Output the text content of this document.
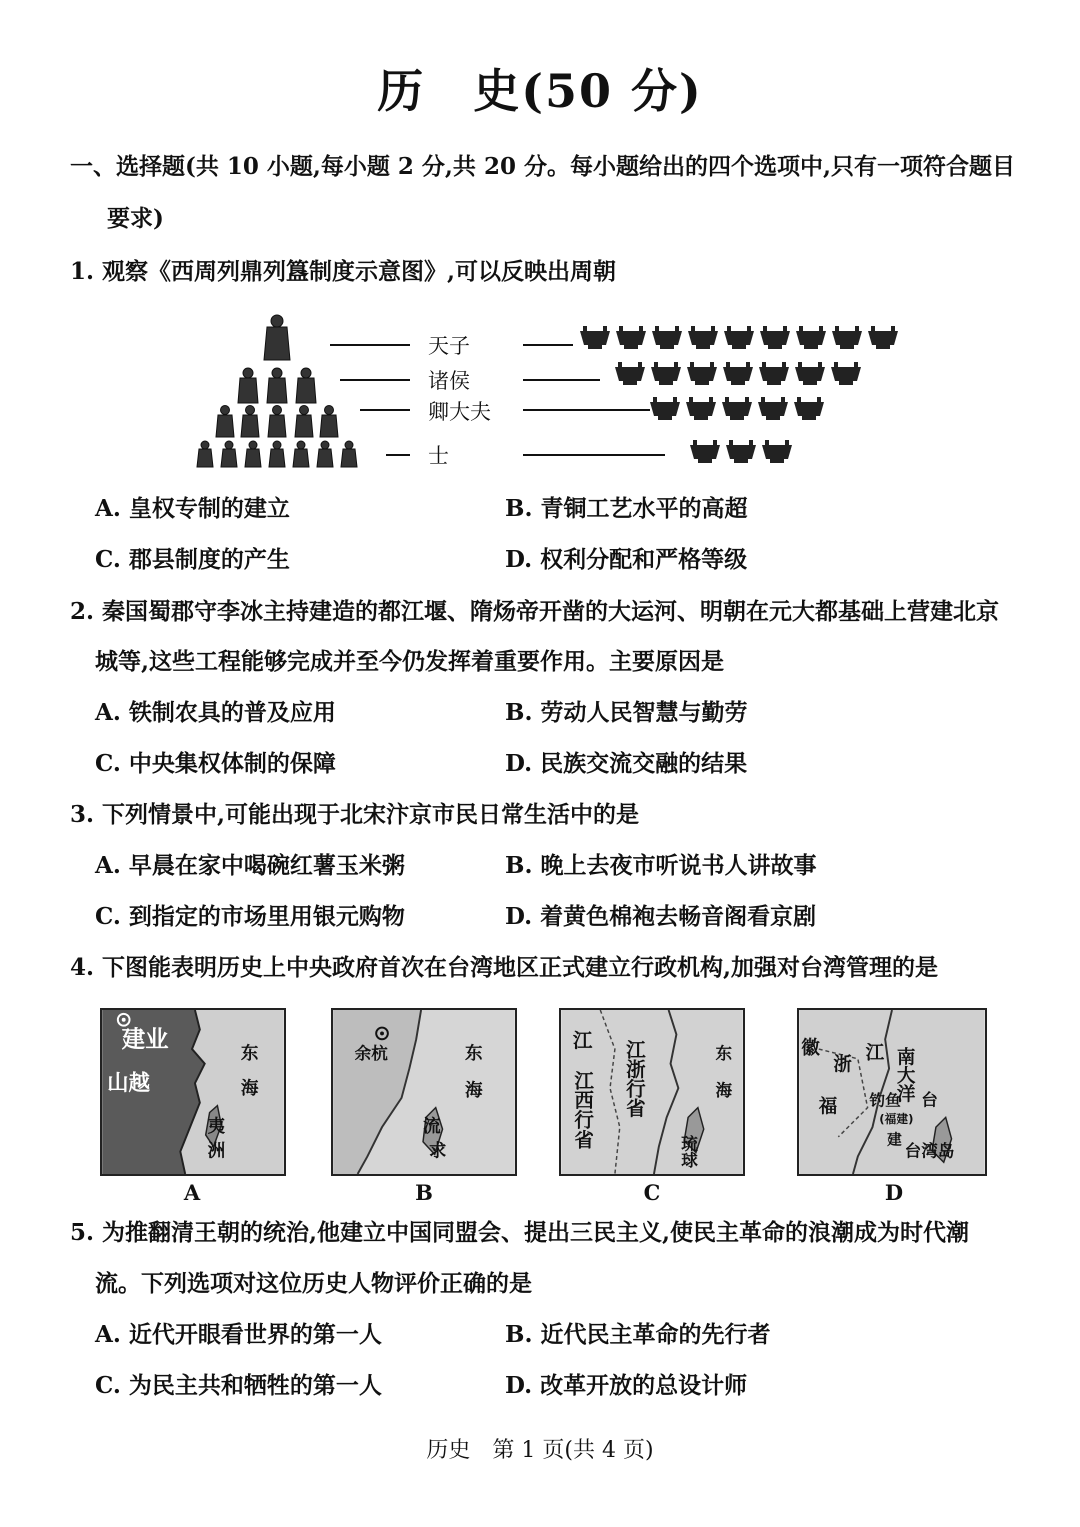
历　史(50 分)
一、选择题(共 10 小题,每小题 2 分,共 20 分。每小题给出的四个选项中,只有一项符合题目
要求)
1. 观察《西周列鼎列簋制度示意图》,可以反映出周朝
天子
诸侯
卿大夫
士
A. 皇权专制的建立	B. 青铜工艺水平的高超
C. 郡县制度的产生	D. 权利分配和严格等级
2. 秦国蜀郡守李冰主持建造的都江堰、隋炀帝开凿的大运河、明朝在元大都基础上营建北京
城等,这些工程能够完成并至今仍发挥着重要作用。主要原因是
A. 铁制农具的普及应用	B. 劳动人民智慧与勤劳
C. 中央集权体制的保障	D. 民族交流交融的结果
3. 下列情景中,可能出现于北宋汴京市民日常生活中的是
A. 早晨在家中喝碗红薯玉米粥	B. 晚上去夜市听说书人讲故事
C. 到指定的市场里用银元购物	D. 着黄色棉袍去畅音阁看京剧
4. 下图能表明历史上中央政府首次在台湾地区正式建立行政机构,加强对台湾管理的是
建业
山越
东
海
夷
洲
A
余杭	东
海
流
求
B
江 江浙行省
江西行省
东
海
琉球
C
徽
浙
江 南大洋
福 钓鱼
(福建)
建
台
台湾岛
D
5. 为推翻清王朝的统治,他建立中国同盟会、提出三民主义,使民主革命的浪潮成为时代潮
流。下列选项对这位历史人物评价正确的是
A. 近代开眼看世界的第一人	B. 近代民主革命的先行者
C. 为民主共和牺牲的第一人	D. 改革开放的总设计师
历史　第 1 页(共 4 页)
